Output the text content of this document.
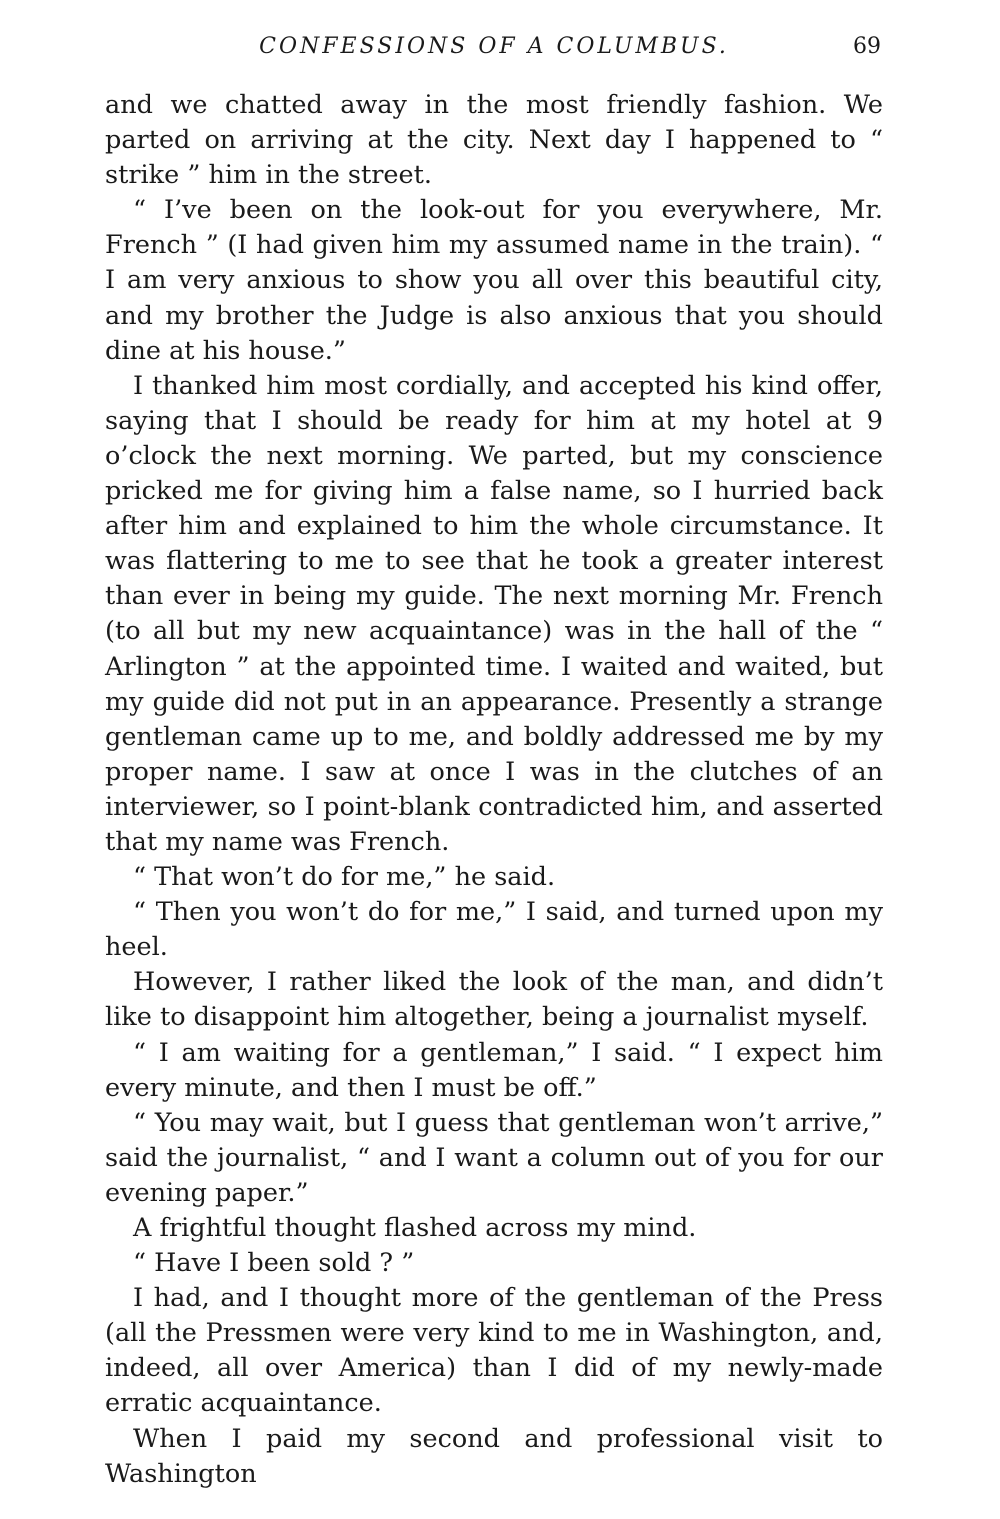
CONFESSIONS OF A COLUMBUS.	69

and we chatted away in the most friendly fashion. We parted on arriving at the city. Next day I happened to “ strike ” him in the street.

“ I’ve been on the look-out for you everywhere, Mr. French ” (I had given him my assumed name in the train). “ I am very anxious to show you all over this beautiful city, and my brother the Judge is also anxious that you should dine at his house.”

I thanked him most cordially, and accepted his kind offer, saying that I should be ready for him at my hotel at 9 o’clock the next morning. We parted, but my conscience pricked me for giving him a false name, so I hurried back after him and explained to him the whole circumstance. It was flattering to me to see that he took a greater interest than ever in being my guide. The next morning Mr. French (to all but my new acquaintance) was in the hall of the “ Arlington ” at the appointed time. I waited and waited, but my guide did not put in an appearance. Presently a strange gentleman came up to me, and boldly addressed me by my proper name. I saw at once I was in the clutches of an interviewer, so I point-blank contradicted him, and asserted that my name was French.

“ That won’t do for me,” he said.

“ Then you won’t do for me,” I said, and turned upon my heel.

However, I rather liked the look of the man, and didn’t like to disappoint him altogether, being a journalist myself.

“ I am waiting for a gentleman,” I said. “ I expect him every minute, and then I must be off.”

“ You may wait, but I guess that gentleman won’t arrive,” said the journalist, “ and I want a column out of you for our evening paper.”

A frightful thought flashed across my mind.

“ Have I been sold ? ”

I had, and I thought more of the gentleman of the Press (all the Pressmen were very kind to me in Washington, and, indeed, all over America) than I did of my newly-made erratic acquaintance.

When I paid my second and professional visit to Washington
